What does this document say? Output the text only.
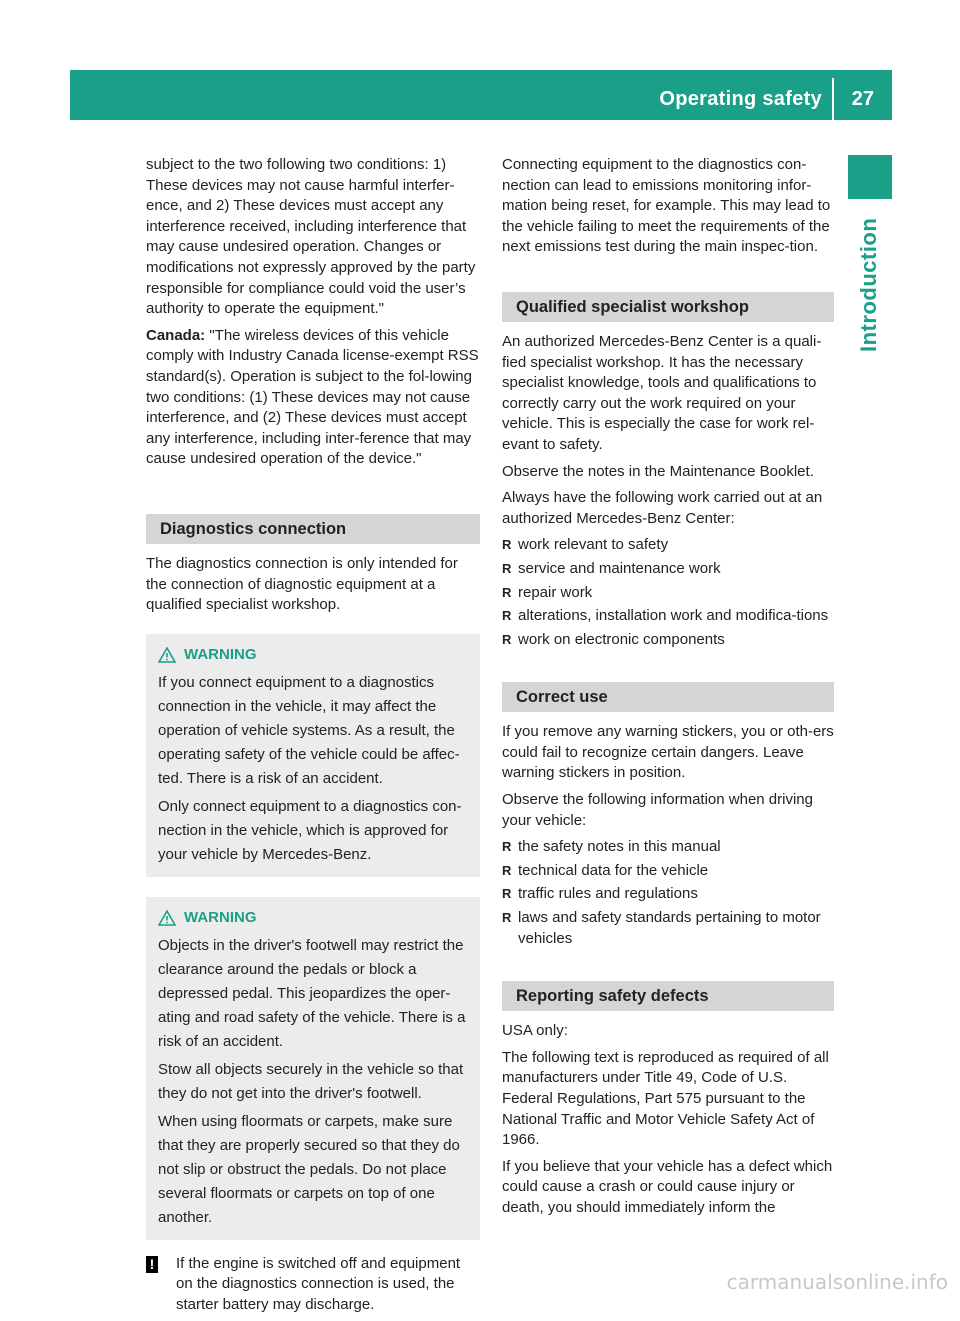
Operating safety 27
Introduction

subject to the two following two conditions: 1) These devices may not cause harmful interfer-ence, and 2) These devices must accept any interference received, including interference that may cause undesired operation. Changes or modifications not expressly approved by the party responsible for compliance could void the user’s authority to operate the equipment."

Canada: "The wireless devices of this vehicle comply with Industry Canada license-exempt RSS standard(s). Operation is subject to the fol-lowing two conditions: (1) These devices may not cause interference, and (2) These devices must accept any interference, including inter-ference that may cause undesired operation of the device."

Diagnostics connection

The diagnostics connection is only intended for the connection of diagnostic equipment at a qualified specialist workshop.

WARNING

If you connect equipment to a diagnostics connection in the vehicle, it may affect the operation of vehicle systems. As a result, the operating safety of the vehicle could be affec-ted. There is a risk of an accident.

Only connect equipment to a diagnostics con-nection in the vehicle, which is approved for your vehicle by Mercedes-Benz.

WARNING

Objects in the driver's footwell may restrict the clearance around the pedals or block a depressed pedal. This jeopardizes the oper-ating and road safety of the vehicle. There is a risk of an accident.

Stow all objects securely in the vehicle so that they do not get into the driver's footwell.

When using floormats or carpets, make sure that they are properly secured so that they do not slip or obstruct the pedals. Do not place several floormats or carpets on top of one another.

! If the engine is switched off and equipment on the diagnostics connection is used, the starter battery may discharge.

Connecting equipment to the diagnostics con-nection can lead to emissions monitoring infor-mation being reset, for example. This may lead to the vehicle failing to meet the requirements of the next emissions test during the main inspec-tion.

Qualified specialist workshop

An authorized Mercedes-Benz Center is a quali-fied specialist workshop. It has the necessary specialist knowledge, tools and qualifications to correctly carry out the work required on your vehicle. This is especially the case for work rel-evant to safety.

Observe the notes in the Maintenance Booklet.

Always have the following work carried out at an authorized Mercedes-Benz Center:

R work relevant to safety
R service and maintenance work
R repair work
R alterations, installation work and modifica-tions
R work on electronic components
Correct use

If you remove any warning stickers, you or oth-ers could fail to recognize certain dangers. Leave warning stickers in position.

Observe the following information when driving your vehicle:

R the safety notes in this manual
R technical data for the vehicle
R traffic rules and regulations
R laws and safety standards pertaining to motor vehicles
Reporting safety defects

USA only:

The following text is reproduced as required of all manufacturers under Title 49, Code of U.S. Federal Regulations, Part 575 pursuant to the National Traffic and Motor Vehicle Safety Act of 1966.

If you believe that your vehicle has a defect which could cause a crash or could cause injury or death, you should immediately inform the

carmanualsonline.info
